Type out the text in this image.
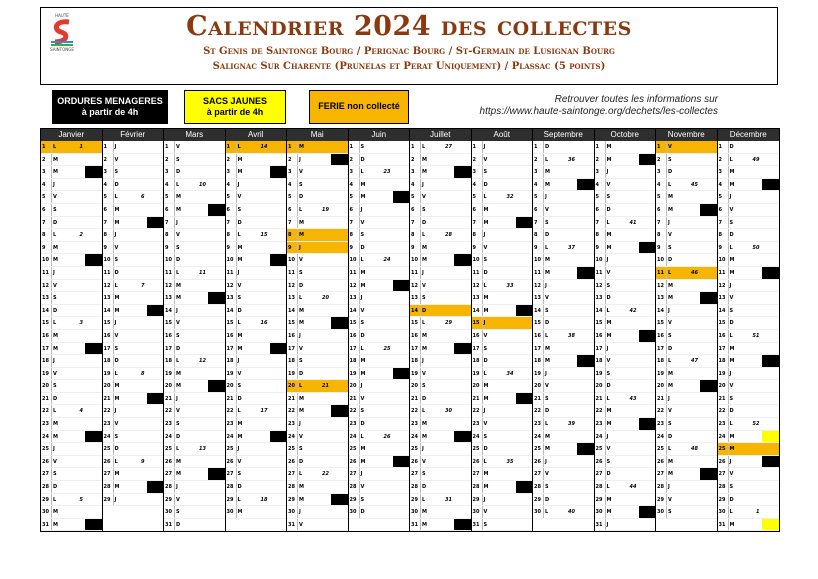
HAUTE
SAINTONGE
Calendrier 2024 des collectes
St Genis de Saintonge Bourg / Perignac Bourg / St-Germain de Lusignan Bourg
Salignac Sur Charente (Prunelas et Perat Uniquement) / Plassac (5 points)
ORDURES MENAGERES
à partir de 4h
SACS JAUNES
à partir de 4h
FERIE non collecté
Retrouver toutes les informations sur
https://www.haute-saintonge.org/dechets/les-collectes
Janvier
1	L	1
2	M
3	M
4	J
5	V
6	S
7	D
8	L	2
9	M
10 M
11 J
12 V
13 S
14 D
15 L	3
16 M
17 M
18 J
19 V
20 S
21 D
22 L	4
23 M
24 M
25 J
26 V
27 S
28 D
29 L	5
30 M
31 M
Février
1	J
2	V
3	S
4	D
5	L	6
6	M
7	M
8	J
9	V
10 S
11 D
12 L	7
13 M
14 M
15 J
16 V
17 S
18 D
19 L	8
20 M
21 M
22 J
23 V
24 S
25 D
26 L	9
27 M
28 M
29 J
Mars
1	V
2	S
3	D
4	L	10
5	M
6	M
7	J
8	V
9	S
10 D
11 L	11
12 M
13 M
14 J
15 V
16 S
17 D
18 L	12
19 M
20 M
21 J
22 V
23 S
24 D
25 L	13
26 M
27 M
28 J
29 V
30 S
31 D
Avril
1	L	14
2	M
3	M
4	J
5	V
6	S
7	D
8	L	15
9	M
10 M
11 J
12 V
13 S
14 D
15 L	16
16 M
17 M
18 J
19 V
20 S
21 D
22 L	17
23 M
24 M
25 J
26 V
27 S
28 D
29 L	18
30 M
Mai
1	M
2	J
3	V
4	S
5	D
6	L	19
7	M
8	M
9	J
10 V
11 S
12 D
13 L	20
14 M
15 M
16 J
17 V
18 S
19 D
20 L	21
21 M
22 M
23 J
24 V
25 S
26 D
27 L	22
28 M
29 M
30 J
31 V
Juin
1	S
2	D
3	L	23
4	M
5	M
6	J
7	V
8	S
9	D
10 L	24
11 M
12 M
13 J
14 V
15 S
16 D
17 L	25
18 M
19 M
20 J
21 V
22 S
23 D
24 L	26
25 M
26 M
27 J
28 V
29 S
30 D
Juillet
1	L	27
2	M
3	M
4	J
5	V
6	S
7	D
8	L	28
9	M
10 M
11 J
12 V
13 S
14 D
15 L	29
16 M
17 M
18 J
19 V
20 S
21 D
22 L	30
23 M
24 M
25 J
26 V
27 S
28 D
29 L	31
30 M
31 M
Août
1	J
2	V
3	S
4	D
5	L	32
6	M
7	M
8	J
9	V
10 S
11 D
12 L	33
13 M
14 M
15 J
16 V
17 S
18 D
19 L	34
20 M
21 M
22 J
23 V
24 S
25 D
26 L	35
27 M
28 M
29 J
30 V
31 S
Septembre
1	D
2	L	36
3	M
4	M
5	J
6	V
7	S
8	D
9	L	37
10 M
11 M
12 J
13 V
14 S
15 D
16 L	38
17 M
18 M
19 J
20 V
21 S
22 D
23 L	39
24 M
25 M
26 J
27 V
28 S
29 D
30 L	40
Octobre
1	M
2	M
3	J
4	V
5	S
6	D
7	L	41
8	M
9	M
10 J
11 V
12 S
13 D
14 L	42
15 M
16 M
17 J
18 V
19 S
20 D
21 L	43
22 M
23 M
24 J
25 V
26 S
27 D
28 L	44
29 M
30 M
31 J
Novembre
1	V
2	S
3	D
4	L	45
5	M
6	M
7	J
8	V
9	S
10 D
11 L	46
12 M
13 M
14 J
15 V
16 S
17 D
18 L	47
19 M
20 M
21 J
22 V
23 S
24 D
25 L	48
26 M
27 M
28 J
29 V
30 S
Décembre
1	D
2	L	49
3	M
4	M
5	J
6	V
7	S
8	D
9	L	50
10 M
11 M
12 J
13 V
14 S
15 D
16 L	51
17 M
18 M
19 J
20 V
21 S
22 D
23 L	52
24 M
25 M
26 J
27 V
28 S
29 D
30 L	1
31 M
